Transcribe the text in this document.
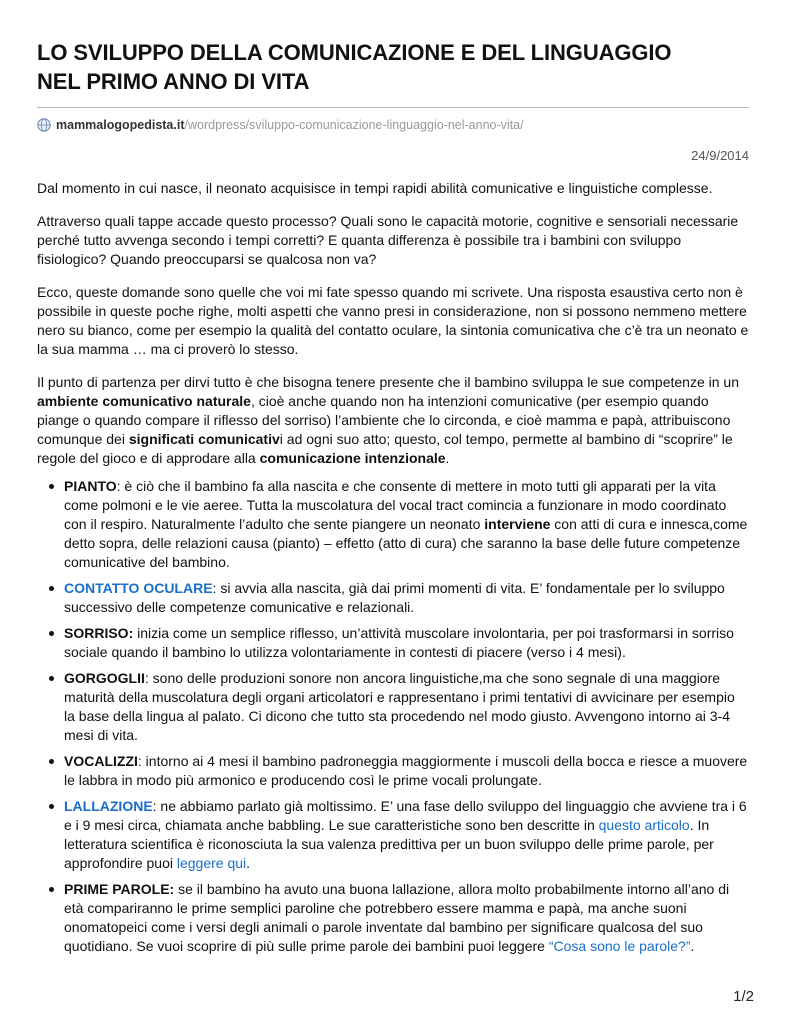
LO SVILUPPO DELLA COMUNICAZIONE E DEL LINGUAGGIO
NEL PRIMO ANNO DI VITA
mammalogopedista.it /wordpress/sviluppo-comunicazione-linguaggio-nel-anno-vita/
24/9/2014

Dal momento in cui nasce, il neonato acquisisce in tempi rapidi abilità comunicative e linguistiche complesse.

Attraverso quali tappe accade questo processo? Quali sono le capacità motorie, cognitive e sensoriali necessarie perché tutto avvenga secondo i tempi corretti? E quanta differenza è possibile tra i bambini con sviluppo fisiologico? Quando preoccuparsi se qualcosa non va?

Ecco, queste domande sono quelle che voi mi fate spesso quando mi scrivete. Una risposta esaustiva certo non è possibile in queste poche righe, molti aspetti che vanno presi in considerazione, non si possono nemmeno mettere nero su bianco, come per esempio la qualità del contatto oculare, la sintonia comunicativa che c’è tra un neonato e la sua mamma … ma ci proverò lo stesso.

Il punto di partenza per dirvi tutto è che bisogna tenere presente che il bambino sviluppa le sue competenze in un ambiente comunicativo naturale, cioè anche quando non ha intenzioni comunicative (per esempio quando piange o quando compare il riflesso del sorriso) l’ambiente che lo circonda, e cioè mamma e papà, attribuiscono comunque dei significati comunicativi ad ogni suo atto; questo, col tempo, permette al bambino di “scoprire” le regole del gioco e di approdare alla comunicazione intenzionale.

PIANTO: è ciò che il bambino fa alla nascita e che consente di mettere in moto tutti gli apparati per la vita come polmoni e le vie aeree. Tutta la muscolatura del vocal tract comincia a funzionare in modo coordinato con il respiro. Naturalmente l’adulto che sente piangere un neonato interviene con atti di cura e innesca,come detto sopra, delle relazioni causa (pianto) – effetto (atto di cura) che saranno la base delle future competenze comunicative del bambino.
CONTATTO OCULARE: si avvia alla nascita, già dai primi momenti di vita. E’ fondamentale per lo sviluppo successivo delle competenze comunicative e relazionali.
SORRISO: inizia come un semplice riflesso, un’attività muscolare involontaria, per poi trasformarsi in sorriso sociale quando il bambino lo utilizza volontariamente in contesti di piacere (verso i 4 mesi).
GORGOGLII: sono delle produzioni sonore non ancora linguistiche,ma che sono segnale di una maggiore maturità della muscolatura degli organi articolatori e rappresentano i primi tentativi di avvicinare per esempio la base della lingua al palato. Ci dicono che tutto sta procedendo nel modo giusto. Avvengono intorno ai 3-4 mesi di vita.
VOCALIZZI: intorno ai 4 mesi il bambino padroneggia maggiormente i muscoli della bocca e riesce a muovere le labbra in modo più armonico e producendo così le prime vocali prolungate.
LALLAZIONE: ne abbiamo parlato già moltissimo. E’ una fase dello sviluppo del linguaggio che avviene tra i 6 e i 9 mesi circa, chiamata anche babbling. Le sue caratteristiche sono ben descritte in questo articolo. In letteratura scientifica è riconosciuta la sua valenza predittiva per un buon sviluppo delle prime parole, per approfondire puoi leggere qui.
PRIME PAROLE: se il bambino ha avuto una buona lallazione, allora molto probabilmente intorno all’ano di età compariranno le prime semplici paroline che potrebbero essere mamma e papà, ma anche suoni onomatopeici come i versi degli animali o parole inventate dal bambino per significare qualcosa del suo quotidiano. Se vuoi scoprire di più sulle prime parole dei bambini puoi leggere “Cosa sono le parole?”.
1/2
